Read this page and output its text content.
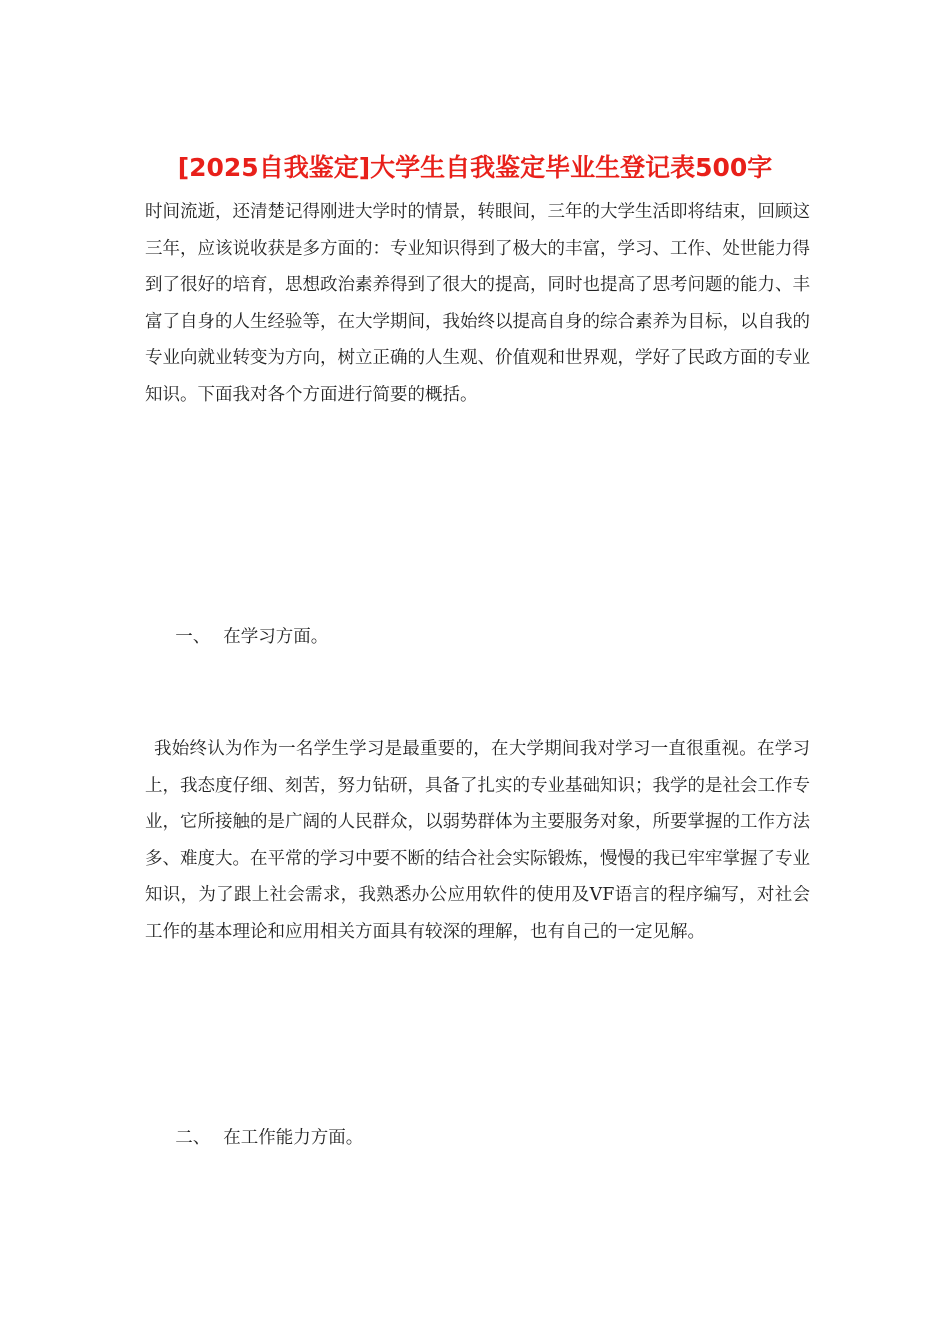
[2025自我鉴定]大学生自我鉴定毕业生登记表500字

时间流逝，还清楚记得刚进大学时的情景，转眼间，三年的大学生活即将结束，回顾这三年，应该说收获是多方面的：专业知识得到了极大的丰富，学习、工作、处世能力得到了很好的培育，思想政治素养得到了很大的提高，同时也提高了思考问题的能力、丰富了自身的人生经验等，在大学期间，我始终以提高自身的综合素养为目标，以自我的专业向就业转变为方向，树立正确的人生观、价值观和世界观，学好了民政方面的专业知识。下面我对各个方面进行简要的概括。

一、 在学习方面。

我始终认为作为一名学生学习是最重要的，在大学期间我对学习一直很重视。在学习上，我态度仔细、刻苦，努力钻研，具备了扎实的专业基础知识；我学的是社会工作专业，它所接触的是广阔的人民群众，以弱势群体为主要服务对象，所要掌握的工作方法多、难度大。在平常的学习中要不断的结合社会实际锻炼，慢慢的我已牢牢掌握了专业知识，为了跟上社会需求，我熟悉办公应用软件的使用及VF语言的程序编写，对社会工作的基本理论和应用相关方面具有较深的理解，也有自己的一定见解。

二、 在工作能力方面。
